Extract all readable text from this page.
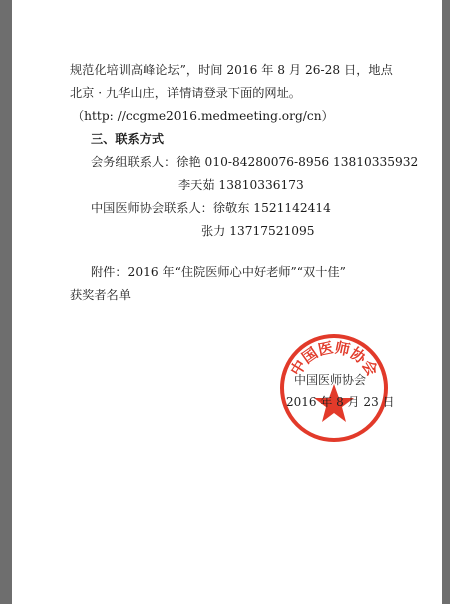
规范化培训高峰论坛”，时间 2016 年 8 月 26-28 日，地点
北京 · 九华山庄，详情请登录下面的网址。
（http: //ccgme2016.medmeeting.org/cn）
三、联系方式
会务组联系人：徐艳 010-84280076-8956 13810335932
李天茹 13810336173
中国医师协会联系人：徐敬东 1521142414
张力 13717521095
附件：2016 年“住院医师心中好老师”“双十佳”
获奖者名单
中国医师协会
中国医师协会
2016 年 8 月 23 日
